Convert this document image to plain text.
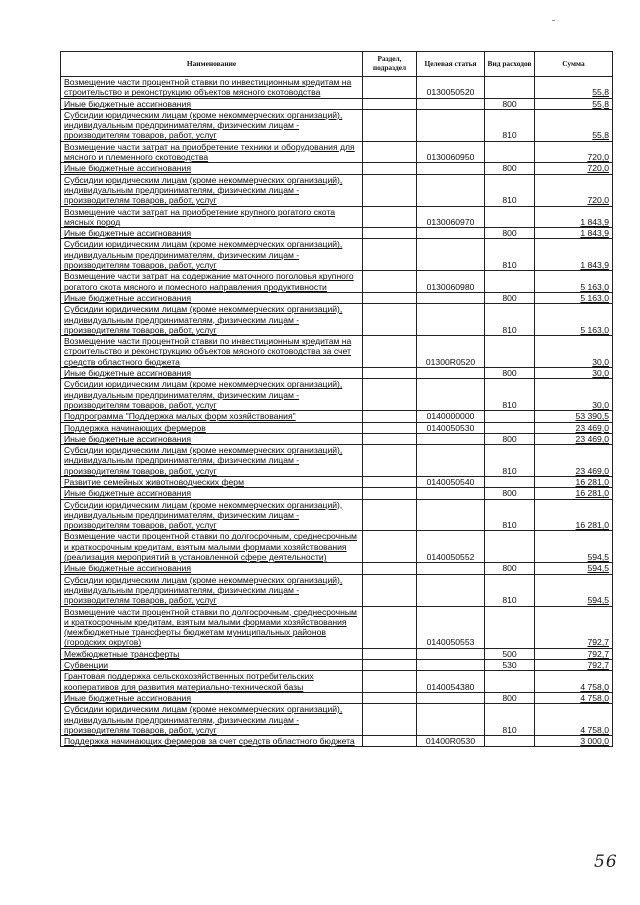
Наименование	Раздел, подраздел	Целевая статья	Вид расходов	Сумма
Возмещение части процентной ставки по инвестиционным кредитам на строительство и реконструкцию объектов мясного скотоводства		0130050520		55,8
Иные бюджетные ассигнования			800	55,8
Субсидии юридическим лицам (кроме некоммерческих организаций), индивидуальным предпринимателям, физическим лицам - производителям товаров, работ, услуг			810	55,8
Возмещение части затрат на приобретение техники и оборудования для мясного и племенного скотоводства		0130060950		720,0
Иные бюджетные ассигнования			800	720,0
Субсидии юридическим лицам (кроме некоммерческих организаций), индивидуальным предпринимателям, физическим лицам - производителям товаров, работ, услуг			810	720,0
Возмещение части затрат на приобретение крупного рогатого скота мясных пород		0130060970		1 843,9
Иные бюджетные ассигнования			800	1 843,9
Субсидии юридическим лицам (кроме некоммерческих организаций), индивидуальным предпринимателям, физическим лицам - производителям товаров, работ, услуг			810	1 843,9
Возмещение части затрат на содержание маточного поголовья крупного рогатого скота мясного и помесного направления продуктивности		0130060980		5 163,0
Иные бюджетные ассигнования			800	5 163,0
Субсидии юридическим лицам (кроме некоммерческих организаций), индивидуальным предпринимателям, физическим лицам - производителям товаров, работ, услуг			810	5 163,0
Возмещение части процентной ставки по инвестиционным кредитам на строительство и реконструкцию объектов мясного скотоводства за счет средств областного бюджета		01300R0520		30,0
Иные бюджетные ассигнования			800	30,0
Субсидии юридическим лицам (кроме некоммерческих организаций), индивидуальным предпринимателям, физическим лицам - производителям товаров, работ, услуг			810	30,0
Подпрограмма "Поддержка малых форм хозяйствования"		0140000000		53 390,5
Поддержка начинающих фермеров		0140050530		23 469,0
Иные бюджетные ассигнования			800	23 469,0
Субсидии юридическим лицам (кроме некоммерческих организаций), индивидуальным предпринимателям, физическим лицам - производителям товаров, работ, услуг			810	23 469,0
Развитие семейных животноводческих ферм		0140050540		16 281,0
Иные бюджетные ассигнования			800	16 281,0
Субсидии юридическим лицам (кроме некоммерческих организаций), индивидуальным предпринимателям, физическим лицам - производителям товаров, работ, услуг			810	16 281,0
Возмещение части процентной ставки по долгосрочным, среднесрочным и краткосрочным кредитам, взятым малыми формами хозяйствования (реализация мероприятий в установленной сфере деятельности)		0140050552		594,5
Иные бюджетные ассигнования			800	594,5
Субсидии юридическим лицам (кроме некоммерческих организаций), индивидуальным предпринимателям, физическим лицам - производителям товаров, работ, услуг			810	594,5
Возмещение части процентной ставки по долгосрочным, среднесрочным и краткосрочным кредитам, взятым малыми формами хозяйствования (межбюджетные трансферты бюджетам муниципальных районов (городских округов)		0140050553		792,7
Межбюджетные трансферты			500	792,7
Субвенции			530	792,7
Грантовая поддержка сельскохозяйственных потребительских кооперативов для развития материально-технической базы		0140054380		4 758,0
Иные бюджетные ассигнования			800	4 758,0
Субсидии юридическим лицам (кроме некоммерческих организаций), индивидуальным предпринимателям, физическим лицам - производителям товаров, работ, услуг			810	4 758,0
Поддержка начинающих фермеров за счет средств областного бюджета		01400R0530		3 000,0
56
